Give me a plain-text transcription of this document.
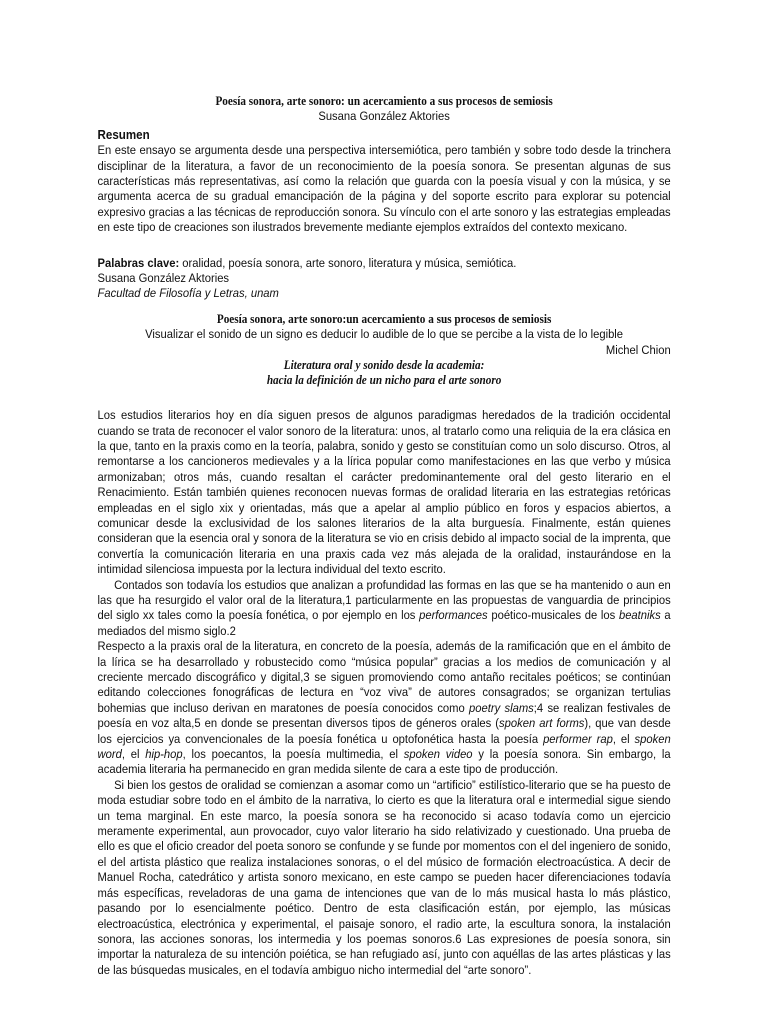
Poesía sonora, arte sonoro: un acercamiento a sus procesos de semiosis

Susana González Aktories

Resumen

En este ensayo se argumenta desde una perspectiva intersemiótica, pero también y sobre todo desde la trinchera disciplinar de la literatura, a favor de un reconocimiento de la poesía sonora. Se presentan algunas de sus características más representativas, así como la relación que guarda con la poesía visual y con la música, y se argumenta acerca de su gradual emancipación de la página y del soporte escrito para explorar su potencial expresivo gracias a las técnicas de reproducción sonora. Su vínculo con el arte sonoro y las estrategias empleadas en este tipo de creaciones son ilustrados brevemente mediante ejemplos extraídos del contexto mexicano.

Palabras clave: oralidad, poesía sonora, arte sonoro, literatura y música, semiótica.

Susana González Aktories

Facultad de Filosofía y Letras, unam

Poesía sonora, arte sonoro:un acercamiento a sus procesos de semiosis

Visualizar el sonido de un signo es deducir lo audible de lo que se percibe a la vista de lo legible

Michel Chion

Literatura oral y sonido desde la academia:
hacia la definición de un nicho para el arte sonoro

Los estudios literarios hoy en día siguen presos de algunos paradigmas heredados de la tradición occidental cuando se trata de reconocer el valor sonoro de la literatura: unos, al tratarlo como una reliquia de la era clásica en la que, tanto en la praxis como en la teoría, palabra, sonido y gesto se constituían como un solo discurso. Otros, al remontarse a los cancioneros medievales y a la lírica popular como manifestaciones en las que verbo y música armonizaban; otros más, cuando resaltan el carácter predominantemente oral del gesto literario en el Renacimiento. Están también quienes reconocen nuevas formas de oralidad literaria en las estrategias retóricas empleadas en el siglo xix y orientadas, más que a apelar al amplio público en foros y espacios abiertos, a comunicar desde la exclusividad de los salones literarios de la alta burguesía. Finalmente, están quienes consideran que la esencia oral y sonora de la literatura se vio en crisis debido al impacto social de la imprenta, que convertía la comunicación literaria en una praxis cada vez más alejada de la oralidad, instaurándose en la intimidad silenciosa impuesta por la lectura individual del texto escrito.

Contados son todavía los estudios que analizan a profundidad las formas en las que se ha mantenido o aun en las que ha resurgido el valor oral de la literatura,1 particularmente en las propuestas de vanguardia de principios del siglo xx tales como la poesía fonética, o por ejemplo en los performances poético-musicales de los beatniks a mediados del mismo siglo.2

Respecto a la praxis oral de la literatura, en concreto de la poesía, además de la ramificación que en el ámbito de la lírica se ha desarrollado y robustecido como “música popular” gracias a los medios de comunicación y al creciente mercado discográfico y digital,3 se siguen promoviendo como antaño recitales poéticos; se continúan editando colecciones fonográficas de lectura en “voz viva” de autores consagrados; se organizan tertulias bohemias que incluso derivan en maratones de poesía conocidos como poetry slams;4 se realizan festivales de poesía en voz alta,5 en donde se presentan diversos tipos de géneros orales (spoken art forms), que van desde los ejercicios ya convencionales de la poesía fonética u optofonética hasta la poesía performer rap, el spoken word, el hip-hop, los poecantos, la poesía multimedia, el spoken video y la poesía sonora. Sin embargo, la academia literaria ha permanecido en gran medida silente de cara a este tipo de producción.

Si bien los gestos de oralidad se comienzan a asomar como un “artificio” estilístico-literario que se ha puesto de moda estudiar sobre todo en el ámbito de la narrativa, lo cierto es que la literatura oral e intermedial sigue siendo un tema marginal. En este marco, la poesía sonora se ha reconocido si acaso todavía como un ejercicio meramente experimental, aun provocador, cuyo valor literario ha sido relativizado y cuestionado. Una prueba de ello es que el oficio creador del poeta sonoro se confunde y se funde por momentos con el del ingeniero de sonido, el del artista plástico que realiza instalaciones sonoras, o el del músico de formación electroacústica. A decir de Manuel Rocha, catedrático y artista sonoro mexicano, en este campo se pueden hacer diferenciaciones todavía más específicas, reveladoras de una gama de intenciones que van de lo más musical hasta lo más plástico, pasando por lo esencialmente poético. Dentro de esta clasificación están, por ejemplo, las músicas electroacústica, electrónica y experimental, el paisaje sonoro, el radio arte, la escultura sonora, la instalación sonora, las acciones sonoras, los intermedia y los poemas sonoros.6 Las expresiones de poesía sonora, sin importar la naturaleza de su intención poiética, se han refugiado así, junto con aquéllas de las artes plásticas y las de las búsquedas musicales, en el todavía ambiguo nicho intermedial del “arte sonoro”.
